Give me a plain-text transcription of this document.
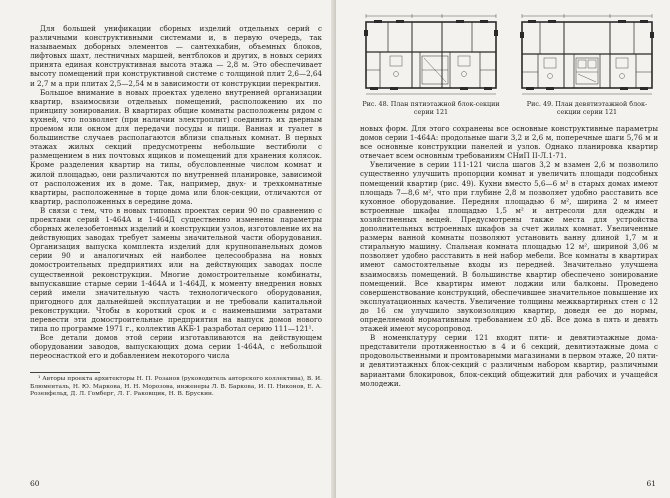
Для большей унификации сборных изделий отдельных серий с различными конструктивными системами и, в первую очередь, так называемых доборных элементов — сантехкабин, объемных блоков, лифтовых шахт, лестничных маршей, вентблоков и других, в новых сериях принята единая конструктивная высота этажа — 2,8 м. Это обеспечивает высоту помещений при конструктивной системе с толщиной плит 2,6—2,64 и 2,7 м а при плитах 2,5—2,54 м в зависимости от конструкции перекрытия.

Большое внимание в новых проектах уделено внутренней организации квартир, взаимосвязи отдельных помещений, расположению их по принципу зонирования. В квартирах общие комнаты расположены рядом с кухней, что позволяет (при наличии электроплит) соединить их дверным проемом или окном для передачи посуды и пищи. Ванная и туалет в большинстве случаев располагаются вблизи спальных комнат. В первых этажах жилых секций предусмотрены небольшие вестибюли с размещением в них почтовых ящиков и помещений для хранения колясок. Кроме разделения квартир на типы, обусловленные числом комнат и жилой площадью, они различаются по внутренней планировке, зависимой от расположения их в доме. Так, например, двух- и трехкомнатные квартиры, расположенные в торце дома или блок-секции, отличаются от квартир, расположенных в середине дома.

В связи с тем, что в новых типовых проектах серии 90 по сравнению с проектами серий 1-464А и 1-464Д существенно изменены параметры сборных железобетонных изделий и конструкции узлов, изготовление их на действующих заводах требует замены значительной части оборудования. Организация выпуска комплекта изделий для крупнопанельных домов серии 90 и аналогичных ей наиболее целесообразна на новых домостроительных предприятиях или на действующих заводах после существенной реконструкции. Многие домостроительные комбинаты, выпускавшие старые серии 1-464А и 1-464Д, к моменту внедрения новых серий имели значительную часть технологического оборудования, пригодного для дальнейшей эксплуатации и не требовали капитальной реконструкции. Чтобы в короткий срок и с наименьшими затратами перевести эти домостроительные предприятия на выпуск домов нового типа по программе 1971 г., коллектив АКБ-1 разработал серию 111—121¹.

Все детали домов этой серии изготавливаются на действующем оборудовании заводов, выпускающих дома серии 1-464А, с небольшой переоснасткой его и добавлением некоторого числа

¹ Авторы проекта архитекторы Н. П. Розанов (руководитель авторского коллектива), В. И. Блюменталь, Н. Ю. Маркова, Н. Н. Морозова, инженеры Л. В. Баркова, И. П. Никонов, Е. А. Розенфельд, Д. Л. Гомберг, Л. Г. Раковщик, Н. В. Брускин.

60

Рис. 48. План пятиэтажной блок-секции серии 121

Рис. 49. План девятиэтажной блок-секции серии 121

новых форм. Для этого сохранены все основные конструктивные параметры домов серии 1-464А: продольные шаги 3,2 и 2,6 м, поперечные шаги 5,76 м и все основные конструкции панелей и узлов. Однако планировка квартир отвечает всем основным требованиям СНиП II-Л.1-71.

Увеличение в серии 111-121 числа шагов 3,2 м взамен 2,6 м позволило существенно улучшить пропорции комнат и увеличить площади подсобных помещений квартир (рис. 49). Кухни вместо 5,6—6 м² в старых домах имеют площадь 7—8,6 м², что при глубине 2,8 м позволяет удобно расставить все кухонное оборудование. Передняя площадью 6 м², ширина 2 м имеет встроенные шкафы площадью 1,5 м² и антресоли для одежды и хозяйственных вещей. Предусмотрены также места для устройства дополнительных встроенных шкафов за счет жилых комнат. Увеличенные размеры ванной комнаты позволяют установить ванну длиной 1,7 м и стиральную машину. Спальная комната площадью 12 м², шириной 3,06 м позволяет удобно расставить в ней набор мебели. Все комнаты в квартирах имеют самостоятельные входы из передней. Значительно улучшена взаимосвязь помещений. В большинстве квартир обеспечено зонирование помещений. Все квартиры имеют лоджии или балконы. Проведено совершенствование конструкций, обеспечившее значительное повышение их эксплуатационных качеств. Увеличение толщины межквартирных стен с 12 до 16 см улучшило звукоизоляцию квартир, доведя ее до нормы, определяемой нормативным требованием ±0 дБ. Все дома в пять и девять этажей имеют мусоропровод.

В номенклатуру серии 121 входят пяти- и девятиэтажные дома-представители протяженностью в 4 и 6 секций, девятиэтажные дома с продовольственными и промтоварными магазинами в первом этаже, 20 пяти- и девятиэтажных блок-секций с различным набором квартир, различными вариантами блокировок, блок-секций общежитий для рабочих и учащейся молодежи.

61
